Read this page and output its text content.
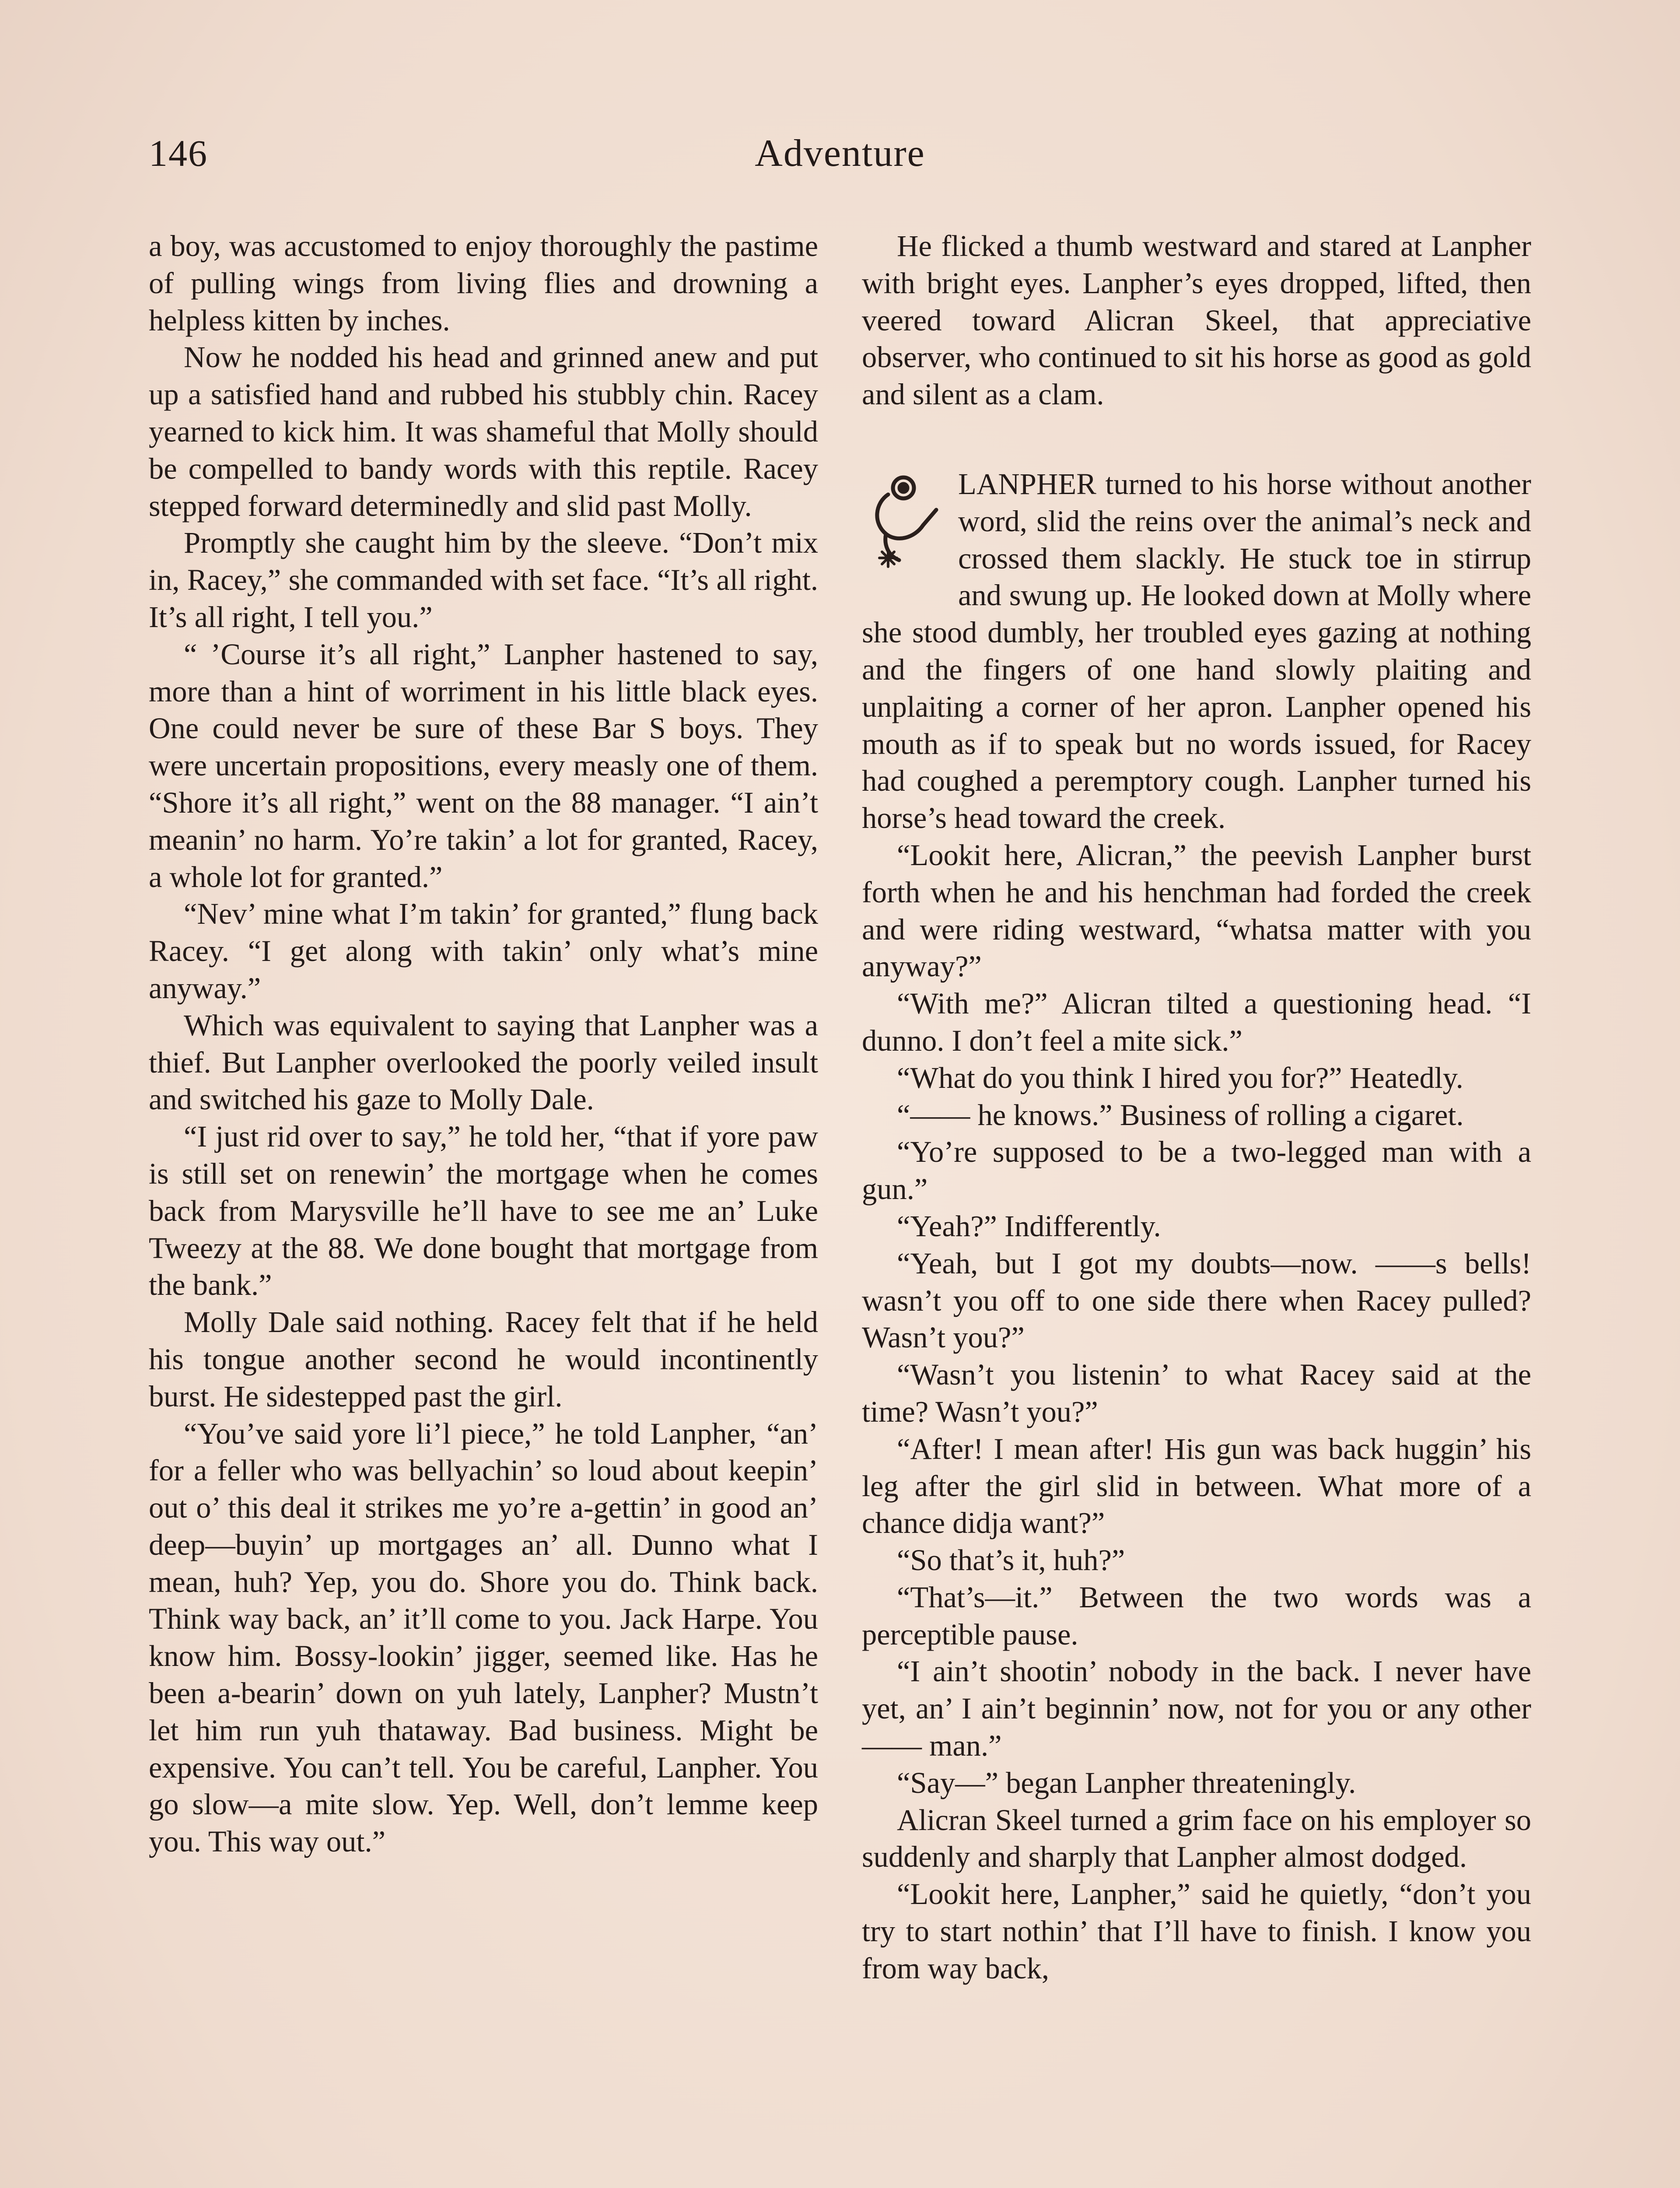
146	Adventure

a boy, was accustomed to enjoy thoroughly the pastime of pulling wings from living flies and drowning a helpless kitten by inches.

Now he nodded his head and grinned anew and put up a satisfied hand and rubbed his stubbly chin. Racey yearned to kick him. It was shameful that Molly should be compelled to bandy words with this reptile. Racey stepped forward determinedly and slid past Molly.

Promptly she caught him by the sleeve. “Don’t mix in, Racey,” she commanded with set face. “It’s all right. It’s all right, I tell you.”

“ ’Course it’s all right,” Lanpher hastened to say, more than a hint of worriment in his little black eyes. One could never be sure of these Bar S boys. They were uncertain propositions, every measly one of them. “Shore it’s all right,” went on the 88 manager. “I ain’t meanin’ no harm. Yo’re takin’ a lot for granted, Racey, a whole lot for granted.”

“Nev’ mine what I’m takin’ for granted,” flung back Racey. “I get along with takin’ only what’s mine anyway.”

Which was equivalent to saying that Lanpher was a thief. But Lanpher overlooked the poorly veiled insult and switched his gaze to Molly Dale.

“I just rid over to say,” he told her, “that if yore paw is still set on renewin’ the mortgage when he comes back from Marysville he’ll have to see me an’ Luke Tweezy at the 88. We done bought that mortgage from the bank.”

Molly Dale said nothing. Racey felt that if he held his tongue another second he would incontinently burst. He sidestepped past the girl.

“You’ve said yore li’l piece,” he told Lanpher, “an’ for a feller who was bellyachin’ so loud about keepin’ out o’ this deal it strikes me yo’re a-gettin’ in good an’ deep—buyin’ up mortgages an’ all. Dunno what I mean, huh? Yep, you do. Shore you do. Think back. Think way back, an’ it’ll come to you. Jack Harpe. You know him. Bossy-lookin’ jigger, seemed like. Has he been a-bearin’ down on yuh lately, Lanpher? Mustn’t let him run yuh thataway. Bad business. Might be expensive. You can’t tell. You be careful, Lanpher. You go slow—a mite slow. Yep. Well, don’t lemme keep you. This way out.”

He flicked a thumb westward and stared at Lanpher with bright eyes. Lanpher’s eyes dropped, lifted, then veered toward Alicran Skeel, that appreciative observer, who continued to sit his horse as good as gold and silent as a clam.

LANPHER turned to his horse without another word, slid the reins over the animal’s neck and crossed them slackly. He stuck toe in stirrup and swung up. He looked down at Molly where she stood dumbly, her troubled eyes gazing at nothing and the fingers of one hand slowly plaiting and unplaiting a corner of her apron. Lanpher opened his mouth as if to speak but no words issued, for Racey had coughed a peremptory cough. Lanpher turned his horse’s head toward the creek.

“Lookit here, Alicran,” the peevish Lanpher burst forth when he and his henchman had forded the creek and were riding westward, “whatsa matter with you anyway?”

“With me?” Alicran tilted a questioning head. “I dunno. I don’t feel a mite sick.”

“What do you think I hired you for?” Heatedly.

“—— he knows.” Business of rolling a cigaret.

“Yo’re supposed to be a two-legged man with a gun.”

“Yeah?” Indifferently.

“Yeah, but I got my doubts—now. ——s bells! wasn’t you off to one side there when Racey pulled? Wasn’t you?”

“Wasn’t you listenin’ to what Racey said at the time? Wasn’t you?”

“After! I mean after! His gun was back huggin’ his leg after the girl slid in between. What more of a chance didja want?”

“So that’s it, huh?”

“That’s—it.” Between the two words was a perceptible pause.

“I ain’t shootin’ nobody in the back. I never have yet, an’ I ain’t beginnin’ now, not for you or any other —— man.”

“Say—” began Lanpher threateningly.

Alicran Skeel turned a grim face on his employer so suddenly and sharply that Lanpher almost dodged.

“Lookit here, Lanpher,” said he quietly, “don’t you try to start nothin’ that I’ll have to finish. I know you from way back,
